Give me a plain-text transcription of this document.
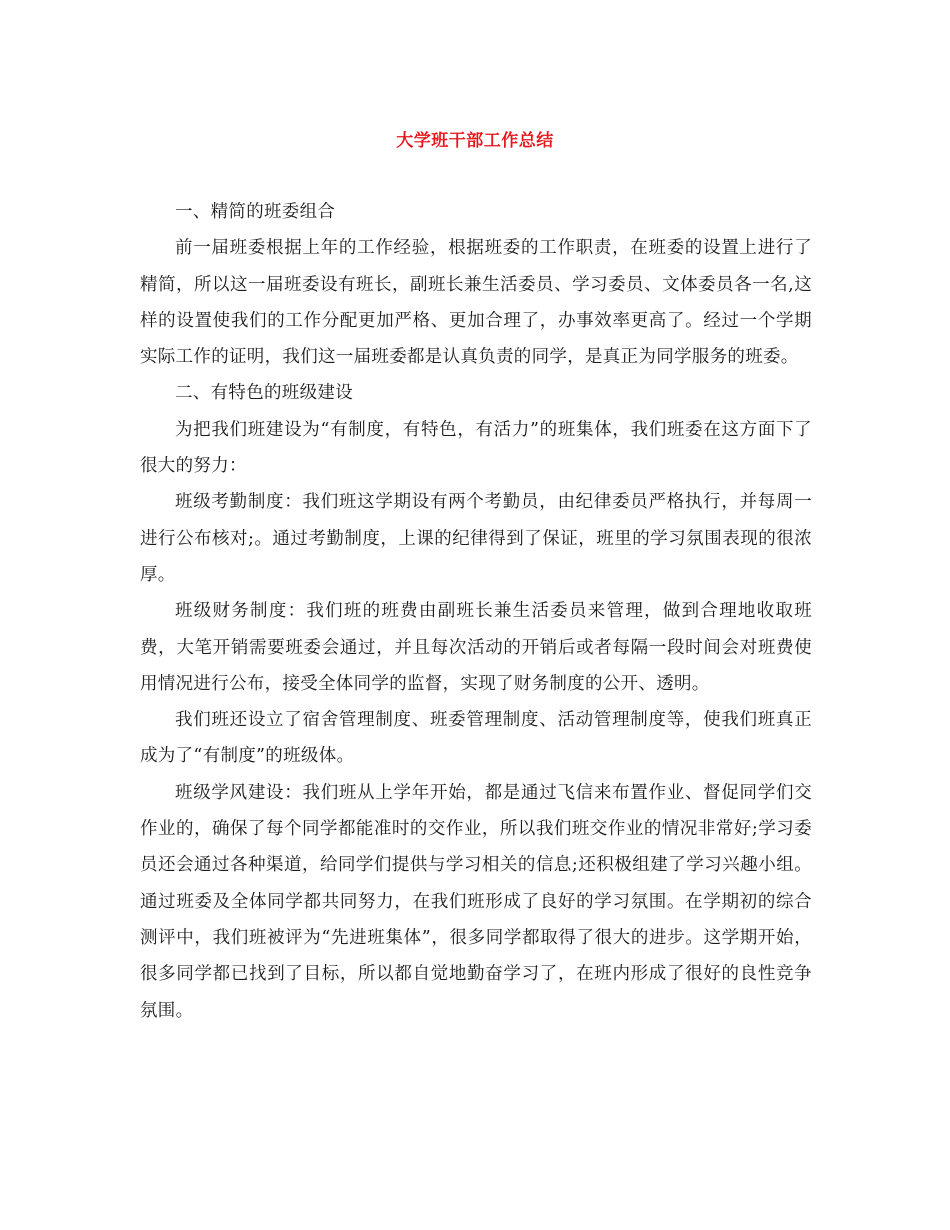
大学班干部工作总结

一、精简的班委组合

前一届班委根据上年的工作经验，根据班委的工作职责，在班委的设置上进行了精简，所以这一届班委设有班长，副班长兼生活委员、学习委员、文体委员各一名,这样的设置使我们的工作分配更加严格、更加合理了，办事效率更高了。经过一个学期实际工作的证明，我们这一届班委都是认真负责的同学，是真正为同学服务的班委。

二、有特色的班级建设

为把我们班建设为“有制度，有特色，有活力”的班集体，我们班委在这方面下了很大的努力：

班级考勤制度：我们班这学期设有两个考勤员，由纪律委员严格执行，并每周一进行公布核对;。通过考勤制度，上课的纪律得到了保证，班里的学习氛围表现的很浓厚。

班级财务制度：我们班的班费由副班长兼生活委员来管理，做到合理地收取班费，大笔开销需要班委会通过，并且每次活动的开销后或者每隔一段时间会对班费使用情况进行公布，接受全体同学的监督，实现了财务制度的公开、透明。

我们班还设立了宿舍管理制度、班委管理制度、活动管理制度等，使我们班真正成为了“有制度”的班级体。

班级学风建设：我们班从上学年开始，都是通过飞信来布置作业、督促同学们交作业的，确保了每个同学都能准时的交作业，所以我们班交作业的情况非常好;学习委员还会通过各种渠道，给同学们提供与学习相关的信息;还积极组建了学习兴趣小组。通过班委及全体同学都共同努力，在我们班形成了良好的学习氛围。在学期初的综合测评中，我们班被评为“先进班集体”，很多同学都取得了很大的进步。这学期开始，很多同学都已找到了目标，所以都自觉地勤奋学习了，在班内形成了很好的良性竞争氛围。
